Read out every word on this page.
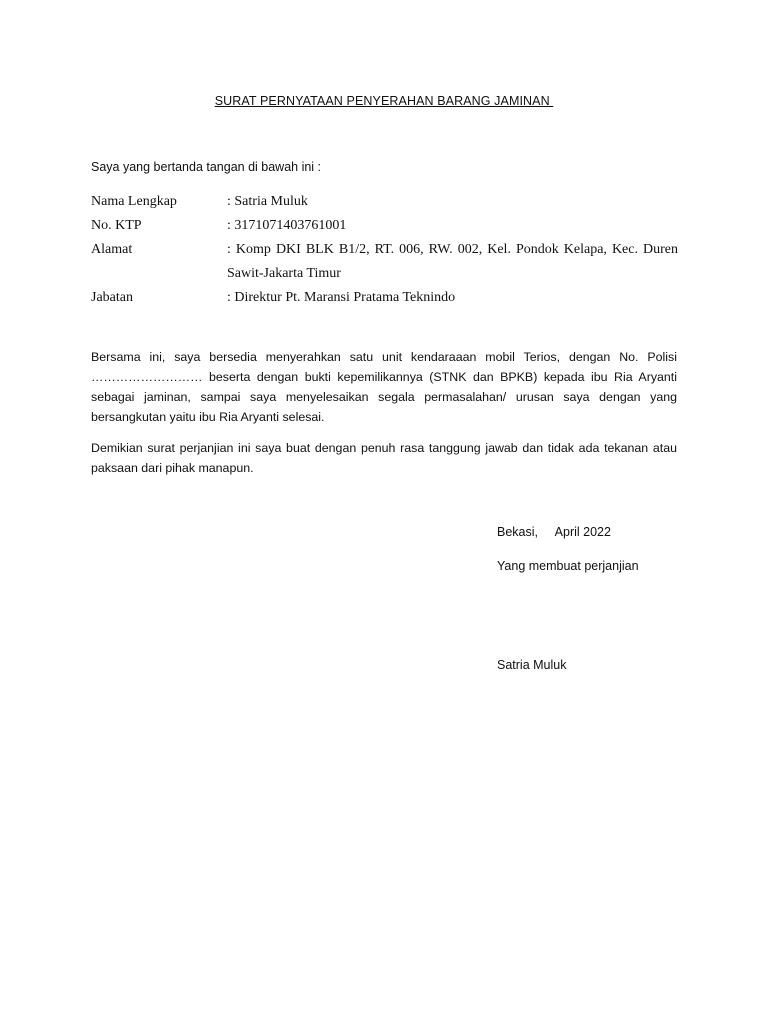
SURAT PERNYATAAN PENYERAHAN BARANG JAMINAN
Saya yang bertanda tangan di bawah ini :
Nama Lengkap	: Satria Muluk
No. KTP	: 3171071403761001
Alamat	: Komp DKI BLK B1/2, RT. 006, RW. 002, Kel. Pondok Kelapa, Kec. Duren Sawit-Jakarta Timur
Jabatan	: Direktur Pt. Maransi Pratama Teknindo

Bersama ini, saya bersedia menyerahkan satu unit kendaraaan mobil Terios, dengan No. Polisi ……………………… beserta dengan bukti kepemilikannya (STNK dan BPKB) kepada ibu Ria Aryanti sebagai jaminan, sampai saya menyelesaikan segala permasalahan/ urusan saya dengan yang bersangkutan yaitu ibu Ria Aryanti selesai.

Demikian surat perjanjian ini saya buat dengan penuh rasa tanggung jawab dan tidak ada tekanan atau paksaan dari pihak manapun.

Bekasi,     April 2022
Yang membuat perjanjian
Satria Muluk
